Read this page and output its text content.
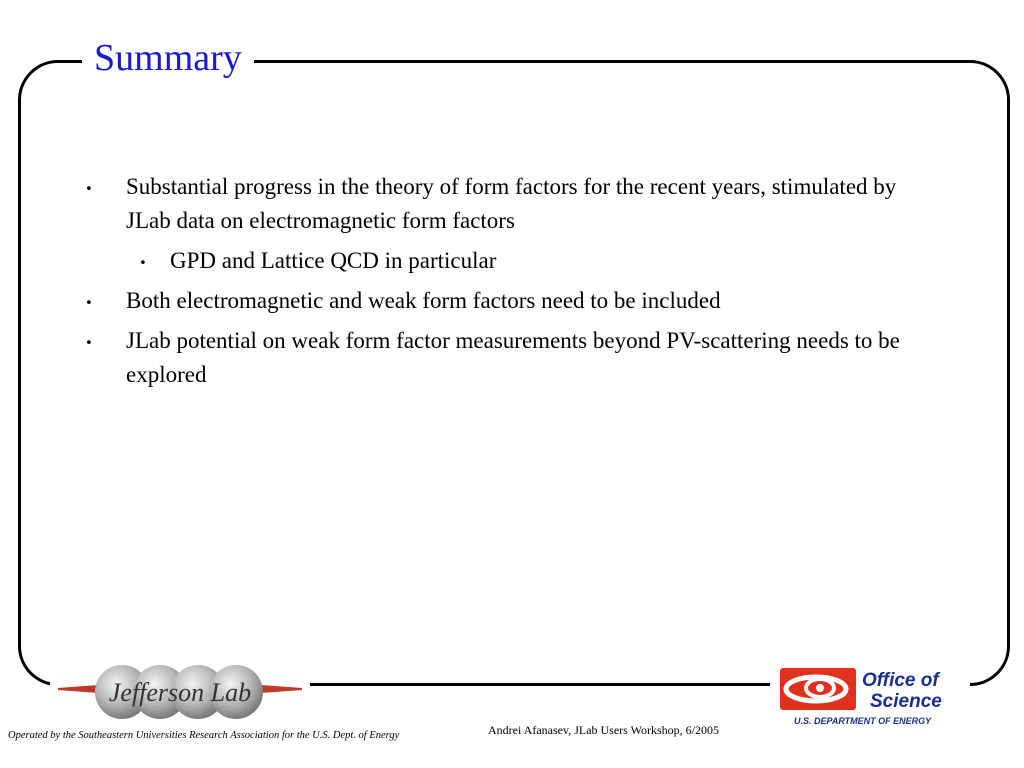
Summary
. Substantial progress in the theory of form factors for the recent years, stimulated by JLab data on electromagnetic form factors
. GPD and Lattice QCD in particular
. Both electromagnetic and weak form factors need to be included
. JLab potential on weak form factor measurements beyond PV-scattering needs to be explored
Jefferson Lab	Office of
Science
U.S. DEPARTMENT OF ENERGY
Operated by the Southeastern Universities Research Association for the U.S. Dept. of Energy	Andrei Afanasev, JLab Users Workshop, 6/2005
